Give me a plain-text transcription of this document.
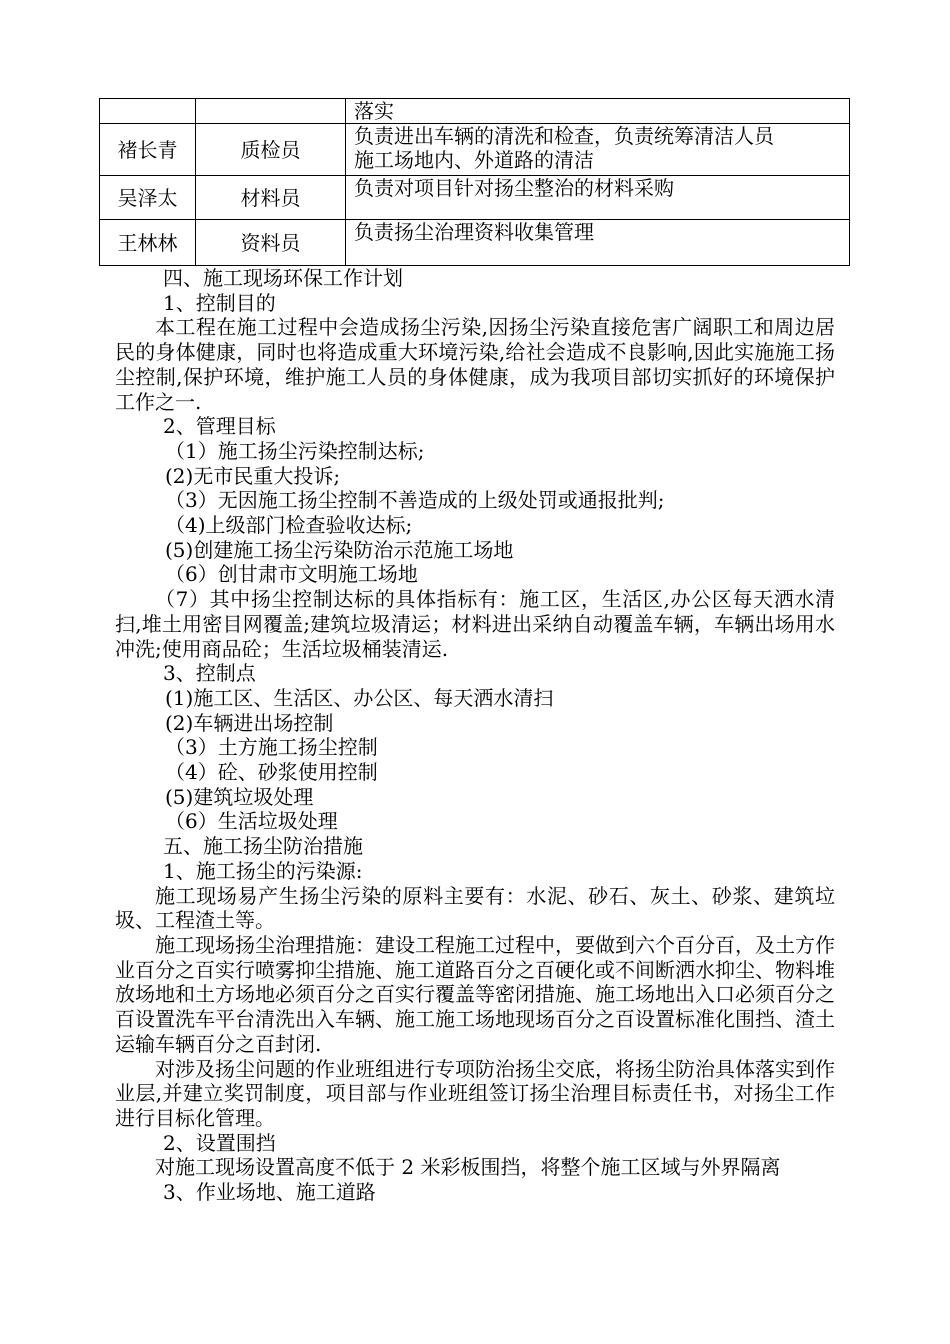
		落实

褚长青	质检员	负责进出车辆的清洗和检查，负责统筹清洁人员
施工场地内、外道路的清洁

吴泽太	材料员	负责对项目针对扬尘整治的材料采购

王林林	资料员	负责扬尘治理资料收集管理

四、施工现场环保工作计划

1、控制目的

本工程在施工过程中会造成扬尘污染,因扬尘污染直接危害广阔职工和周边居民的身体健康，同时也将造成重大环境污染,给社会造成不良影响,因此实施施工扬尘控制,保护环境，维护施工人员的身体健康，成为我项目部切实抓好的环境保护工作之一.

2、管理目标

（1）施工扬尘污染控制达标;

(2)无市民重大投诉;

（3）无因施工扬尘控制不善造成的上级处罚或通报批判;

（4)上级部门检查验收达标;

(5)创建施工扬尘污染防治示范施工场地

（6）创甘肃市文明施工场地

（7）其中扬尘控制达标的具体指标有：施工区，生活区,办公区每天洒水清扫,堆土用密目网覆盖;建筑垃圾清运；材料进出采纳自动覆盖车辆，车辆出场用水冲洗;使用商品砼；生活垃圾桶装清运.

3、控制点

(1)施工区、生活区、办公区、每天洒水清扫

(2)车辆进出场控制

（3）土方施工扬尘控制

（4）砼、砂浆使用控制

(5)建筑垃圾处理

（6）生活垃圾处理

五、施工扬尘防治措施

1、施工扬尘的污染源:

施工现场易产生扬尘污染的原料主要有：水泥、砂石、灰土、砂浆、建筑垃圾、工程渣土等。

施工现场扬尘治理措施：建设工程施工过程中，要做到六个百分百，及土方作业百分之百实行喷雾抑尘措施、施工道路百分之百硬化或不间断洒水抑尘、物料堆放场地和土方场地必须百分之百实行覆盖等密闭措施、施工场地出入口必须百分之百设置洗车平台清洗出入车辆、施工施工场地现场百分之百设置标准化围挡、渣土运输车辆百分之百封闭.

对涉及扬尘问题的作业班组进行专项防治扬尘交底，将扬尘防治具体落实到作业层,并建立奖罚制度，项目部与作业班组签订扬尘治理目标责任书，对扬尘工作进行目标化管理。

2、设置围挡

对施工现场设置高度不低于 2 米彩板围挡，将整个施工区域与外界隔离

3、作业场地、施工道路
